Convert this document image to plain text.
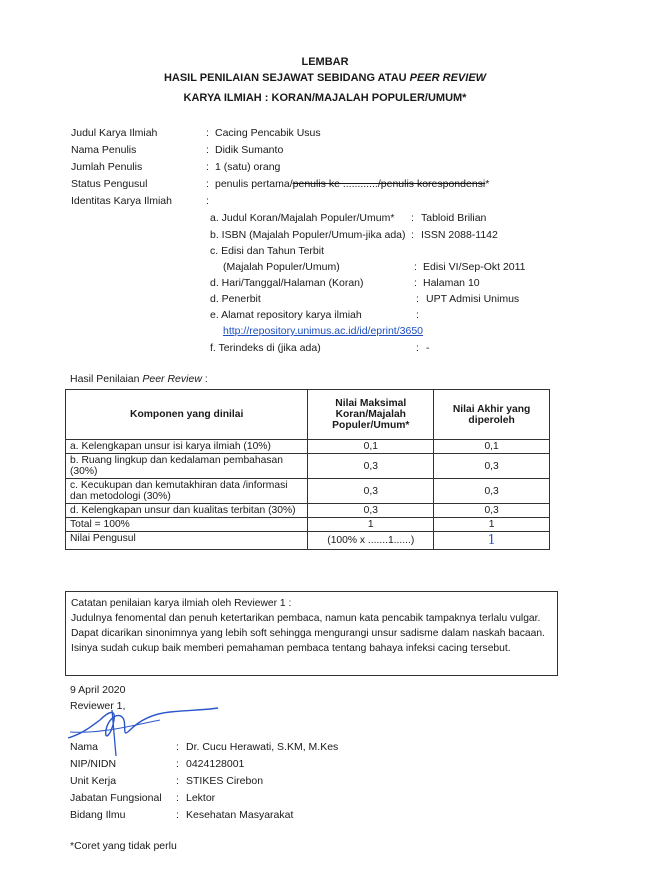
LEMBAR
HASIL PENILAIAN SEJAWAT SEBIDANG ATAU PEER REVIEW
KARYA ILMIAH : KORAN/MAJALAH POPULER/UMUM*
Judul Karya Ilmiah	: Cacing Pencabik Usus
Nama Penulis	: Didik Sumanto
Jumlah Penulis	: 1 (satu) orang
Status Pengusul	: penulis pertama/penulis ke ............/penulis korespondensi*
Identitas Karya Ilmiah	:
a. Judul Koran/Majalah Populer/Umum* : Tabloid Brilian
b. ISBN (Majalah Populer/Umum-jika ada) : ISSN 2088-1142
c. Edisi dan Tahun Terbit
(Majalah Populer/Umum)	: Edisi VI/Sep-Okt 2011
d. Hari/Tanggal/Halaman (Koran)	: Halaman 10
d. Penerbit	: UPT Admisi Unimus
e. Alamat repository karya ilmiah	:
http://repository.unimus.ac.id/id/eprint/3650
f. Terindeks di (jika ada)	: -
Hasil Penilaian Peer Review :
Komponen yang dinilai	Nilai Maksimal Koran/Majalah Populer/Umum*	Nilai Akhir yang diperoleh
a. Kelengkapan unsur isi karya ilmiah (10%)	0,1	0,1
b. Ruang lingkup dan kedalaman pembahasan (30%)	0,3	0,3
c. Kecukupan dan kemutakhiran data /informasi dan metodologi (30%)	0,3	0,3
d. Kelengkapan unsur dan kualitas terbitan (30%)	0,3	0,3
Total = 100%	1	1
Nilai Pengusul	(100% x .......1......)	1
Catatan penilaian karya ilmiah oleh Reviewer 1 :
Judulnya fenomental dan penuh ketertarikan pembaca, namun kata pencabik tampaknya terlalu vulgar. Dapat dicarikan sinonimnya yang lebih soft sehingga mengurangi unsur sadisme dalam naskah bacaan. Isinya sudah cukup baik memberi pemahaman pembaca tentang bahaya infeksi cacing tersebut.
9 April 2020
Reviewer 1,
Nama	: Dr. Cucu Herawati, S.KM, M.Kes
NIP/NIDN	: 0424128001
Unit Kerja	: STIKES Cirebon
Jabatan Fungsional : Lektor
Bidang Ilmu	: Kesehatan Masyarakat
*Coret yang tidak perlu
